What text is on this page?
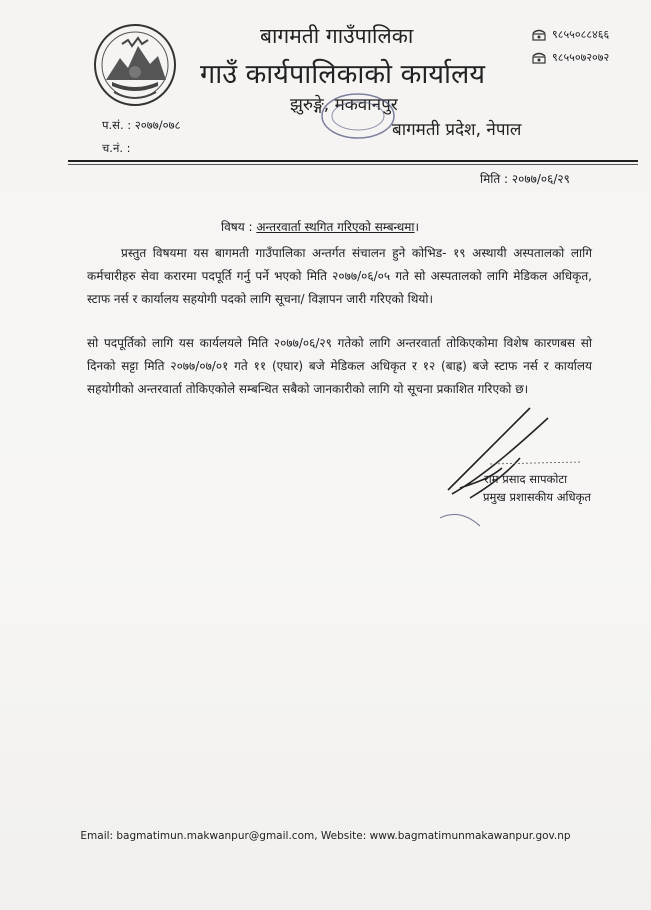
बागमती गाउँपालिका
गाउँ कार्यपालिकाको कार्यालय
झुरुङ्गे, मकवानपुर
बागमती प्रदेश, नेपाल
प.सं. : २०७७/०७८
च.नं. :
९८५५०८८४६६
९८५५०७२०७२
मिति : २०७७/०६/२९
विषय : अन्तरवार्ता स्थगित गरिएको सम्बन्धमा।
प्रस्तुत विषयमा यस बागमती गाउँपालिका अन्तर्गत संचालन हुने कोभिड- १९ अस्थायी अस्पतालको लागि कर्मचारीहरु सेवा करारमा पदपूर्ति गर्नु पर्ने भएको मिति २०७७/०६/०५ गते सो अस्पतालको लागि मेडिकल अधिकृत, स्टाफ नर्स र कार्यालय सहयोगी पदको लागि सूचना/ विज्ञापन जारी गरिएको थियो।
सो पदपूर्तिको लागि यस कार्यलयले मिति २०७७/०६/२९ गतेको लागि अन्तरवार्ता तोकिएकोमा विशेष कारणबस सो दिनको सट्टा मिति २०७७/०७/०१ गते ११ (एघार) बजे मेडिकल अधिकृत र १२ (बाह्र) बजे स्टाफ नर्स र कार्यालय सहयोगीको अन्तरवार्ता तोकिएकोले सम्बन्धित सबैको जानकारीको लागि यो सूचना प्रकाशित गरिएको छ।
राम प्रसाद सापकोटा
प्रमुख प्रशासकीय अधिकृत
Email: bagmatimun.makwanpur@gmail.com, Website: www.bagmatimunmakawanpur.gov.np
